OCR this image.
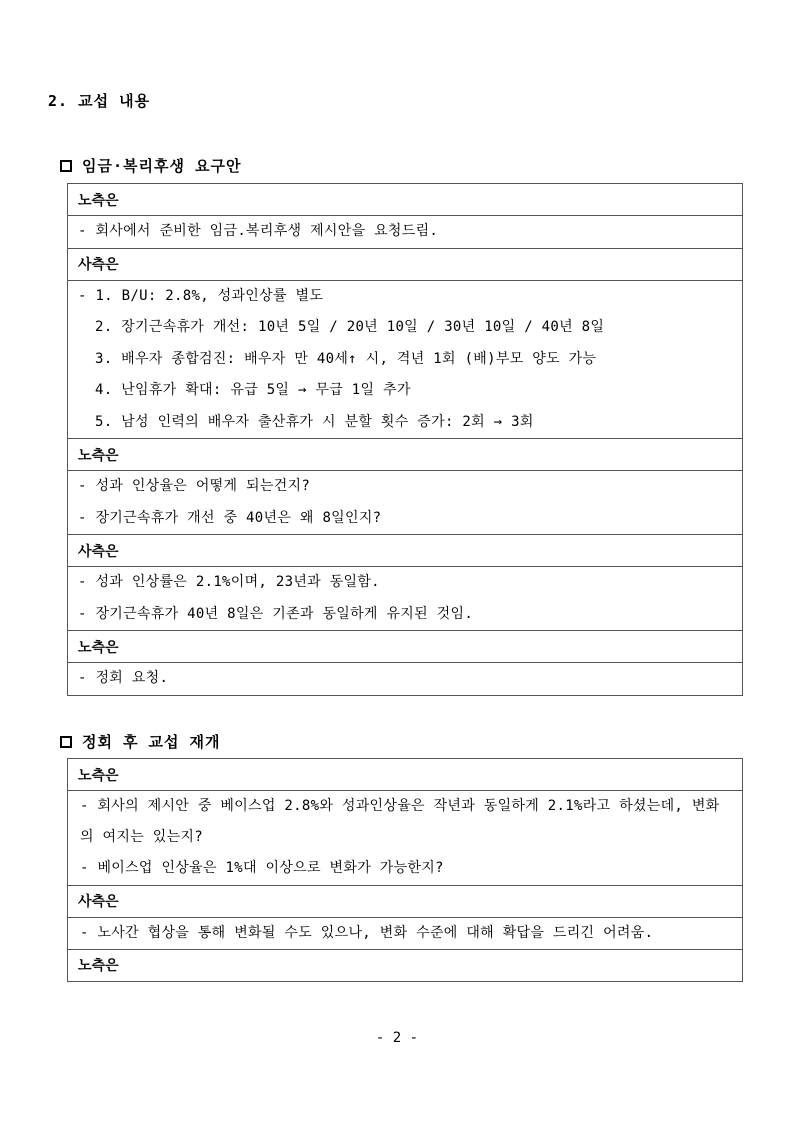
2. 교섭 내용
임금·복리후생 요구안
노측은

- 회사에서 준비한 임금.복리후생 제시안을 요청드림.

사측은

- 1. B/U: 2.8%, 성과인상률 별도
2. 장기근속휴가 개선: 10년 5일 / 20년 10일 / 30년 10일 / 40년 8일
3. 배우자 종합검진: 배우자 만 40세↑ 시, 격년 1회 (배)부모 양도 가능
4. 난임휴가 확대: 유급 5일 → 무급 1일 추가
5. 남성 인력의 배우자 출산휴가 시 분할 횟수 증가: 2회 → 3회

노측은

- 성과 인상율은 어떻게 되는건지?
- 장기근속휴가 개선 중 40년은 왜 8일인지?

사측은

- 성과 인상률은 2.1%이며, 23년과 동일함.
- 장기근속휴가 40년 8일은 기존과 동일하게 유지된 것임.

노측은

- 정회 요청.
정회 후 교섭 재개
노측은

- 회사의 제시안 중 베이스업 2.8%와 성과인상율은 작년과 동일하게 2.1%라고 하셨는데, 변화의 여지는 있는지?
- 베이스업 인상율은 1%대 이상으로 변화가 가능한지?

사측은

- 노사간 협상을 통해 변화될 수도 있으나, 변화 수준에 대해 확답을 드리긴 어려움.

노측은
- 2 -
